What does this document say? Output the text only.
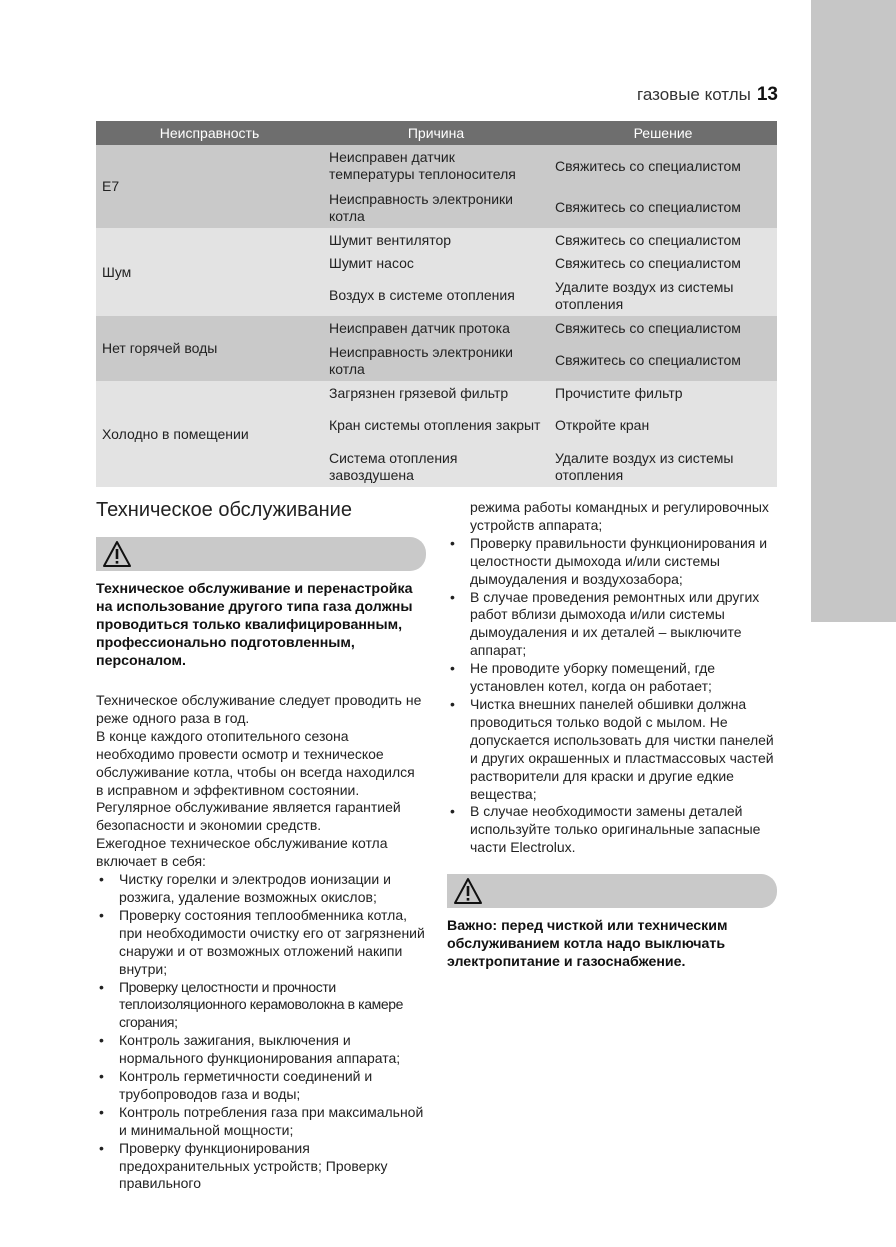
газовые котлы 13
Неисправность	Причина	Решение
E7	Неисправен датчик температуры теплоносителя	Свяжитесь со специалистом
	Неисправность электроники котла	Свяжитесь со специалистом
Шум	Шумит вентилятор	Свяжитесь со специалистом
	Шумит насос	Свяжитесь со специалистом
	Воздух в системе отопления	Удалите воздух из системы отопления
Нет горячей воды	Неисправен датчик протока	Свяжитесь со специалистом
	Неисправность электроники котла	Свяжитесь со специалистом
Холодно в помещении	Загрязнен грязевой фильтр	Прочистите фильтр
	Кран системы отопления закрыт	Откройте кран
	Система отопления завоздушена	Удалите воздух из системы отопления
Техническое обслуживание
Техническое обслуживание и перенастройка на использование другого типа газа должны проводиться только квалифицированным, профессионально подготовленным, персоналом.
Техническое обслуживание следует проводить не реже одного раза в год.
В конце каждого отопительного сезона необходимо провести осмотр и техническое обслуживание котла, чтобы он всегда находился в исправном и эффективном состоянии.
Регулярное обслуживание является гарантией безопасности и экономии средств.
Ежегодное техническое обслуживание котла включает в себя:
• Чистку горелки и электродов ионизации и розжига, удаление возможных окислов;
• Проверку состояния теплообменника котла, при необходимости очистку его от загрязнений снаружи и от возможных отложений накипи внутри;
• Проверку целостности и прочности теплоизоляционного керамоволокна в камере сгорания;
• Контроль зажигания, выключения и нормального функционирования аппарата;
• Контроль герметичности соединений и трубопроводов газа и воды;
• Контроль потребления газа при максимальной и минимальной мощности;
• Проверку функционирования предохранительных устройств; Проверку правильного
режима работы командных и регулировочных устройств аппарата;
• Проверку правильности функционирования и целостности дымохода и/или системы дымоудаления и воздухозабора;
• В случае проведения ремонтных или других работ вблизи дымохода и/или системы дымоудаления и их деталей – выключите аппарат;
• Не проводите уборку помещений, где установлен котел, когда он работает;
• Чистка внешних панелей обшивки должна проводиться только водой с мылом. Не допускается использовать для чистки панелей и других окрашенных и пластмассовых частей растворители для краски и другие едкие вещества;
• В случае необходимости замены деталей используйте только оригинальные запасные части Electrolux.
Важно: перед чисткой или техническим обслуживанием котла надо выключать электропитание и газоснабжение.
